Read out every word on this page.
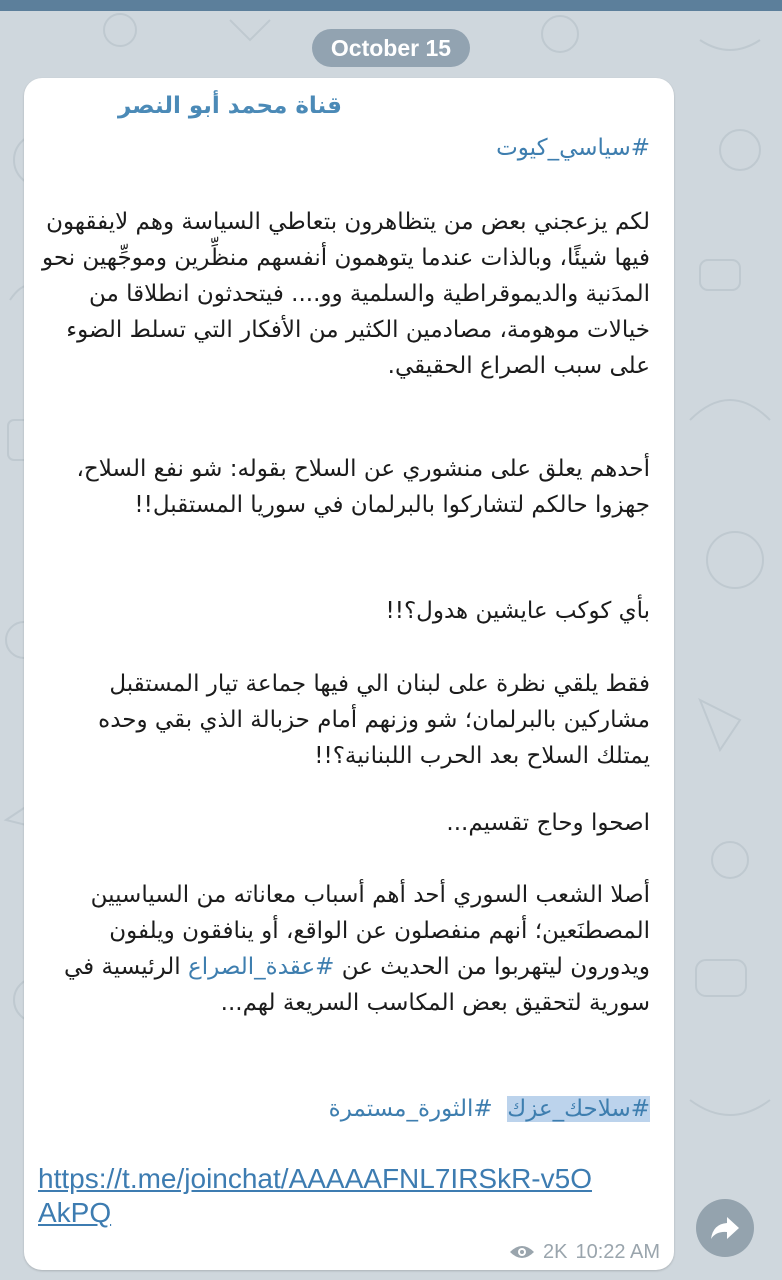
October 15
قناة محمد أبو النصر
#سياسي_كيوت
لكم يزعجني بعض من يتظاهرون بتعاطي السياسة وهم لايفقهون فيها شيئًا، وبالذات عندما يتوهمون أنفسهم منظِّرين وموجِّهين نحو المدَنية والديموقراطية والسلمية وو.... فيتحدثون انطلاقا من خيالات موهومة، مصادمين الكثير من الأفكار التي تسلط الضوء على سبب الصراع الحقيقي.
أحدهم يعلق على منشوري عن السلاح بقوله: شو نفع السلاح، جهزوا حالكم لتشاركوا بالبرلمان في سوريا المستقبل!!
بأي كوكب عايشين هدول؟!!
فقط يلقي نظرة على لبنان الي فيها جماعة تيار المستقبل مشاركين بالبرلمان؛ شو وزنهم أمام حزبالة الذي بقي وحده يمتلك السلاح بعد الحرب اللبنانية؟!!
اصحوا وحاج تقسيم...
أصلا الشعب السوري أحد أهم أسباب معاناته من السياسيين المصطنَعين؛ أنهم منفصلون عن الواقع، أو ينافقون ويلفون ويدورون ليتهربوا من الحديث عن #عقدة_الصراع الرئيسية في سورية لتحقيق بعض المكاسب السريعة لهم...
#سلاحك_عزك  #الثورة_مستمرة
https://t.me/joinchat/AAAAAFNL7IRSkR-v5OAkPQ
2K 10:22 AM
